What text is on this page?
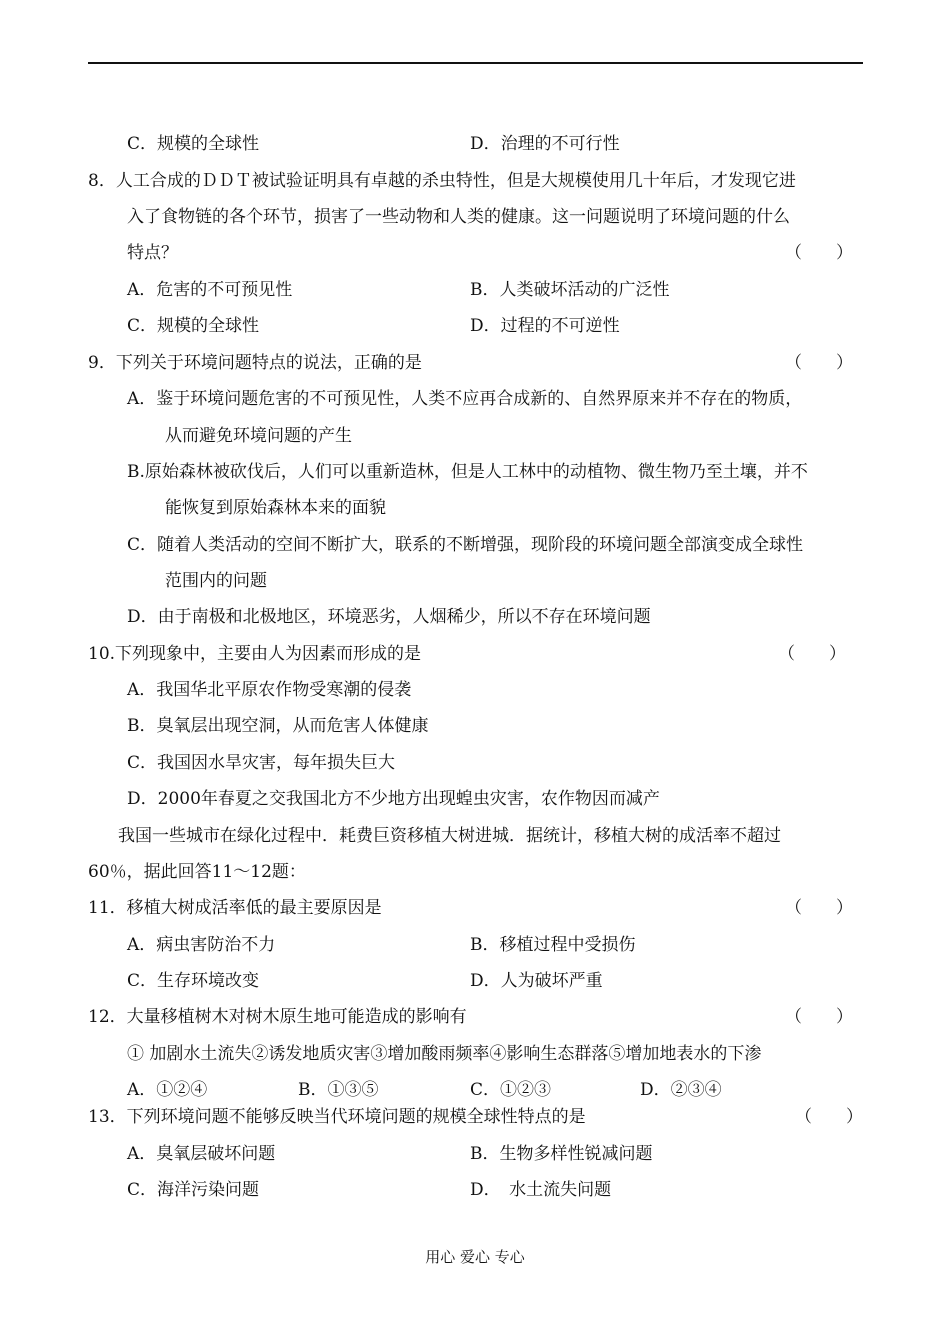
C．规模的全球性	D．治理的不可行性
8．人工合成的ＤＤＴ被试验证明具有卓越的杀虫特性，但是大规模使用几十年后，才发现它进
入了食物链的各个环节，损害了一些动物和人类的健康。这一问题说明了环境问题的什么
特点？	（　　）
A．危害的不可预见性	B．人类破坏活动的广泛性
C．规模的全球性	D．过程的不可逆性
9．下列关于环境问题特点的说法，正确的是	（　　）
A．鉴于环境问题危害的不可预见性，人类不应再合成新的、自然界原来并不存在的物质，
从而避免环境问题的产生
B.原始森林被砍伐后，人们可以重新造林，但是人工林中的动植物、微生物乃至土壤，并不
能恢复到原始森林本来的面貌
C．随着人类活动的空间不断扩大，联系的不断增强，现阶段的环境问题全部演变成全球性
范围内的问题
D．由于南极和北极地区，环境恶劣，人烟稀少，所以不存在环境问题
10.下列现象中，主要由人为因素而形成的是	（　　）
A．我国华北平原农作物受寒潮的侵袭
B．臭氧层出现空洞，从而危害人体健康
C．我国因水旱灾害，每年损失巨大
D．2000年春夏之交我国北方不少地方出现蝗虫灾害，农作物因而减产
我国一些城市在绿化过程中．耗费巨资移植大树进城．据统计，移植大树的成活率不超过
60％，据此回答11～12题：
11．移植大树成活率低的最主要原因是	（　　）
A．病虫害防治不力	B．移植过程中受损伤
C．生存环境改变	D．人为破坏严重
12．大量移植树木对树木原生地可能造成的影响有	（　　）
① 加剧水土流失②诱发地质灾害③增加酸雨频率④影响生态群落⑤增加地表水的下渗
A．①②④	B．①③⑤	C．①②③	D．②③④
13．下列环境问题不能够反映当代环境问题的规模全球性特点的是	（　　）
A．臭氧层破坏问题	B．生物多样性锐减问题
C．海洋污染问题	D．　水土流失问题
用心 爱心 专心
